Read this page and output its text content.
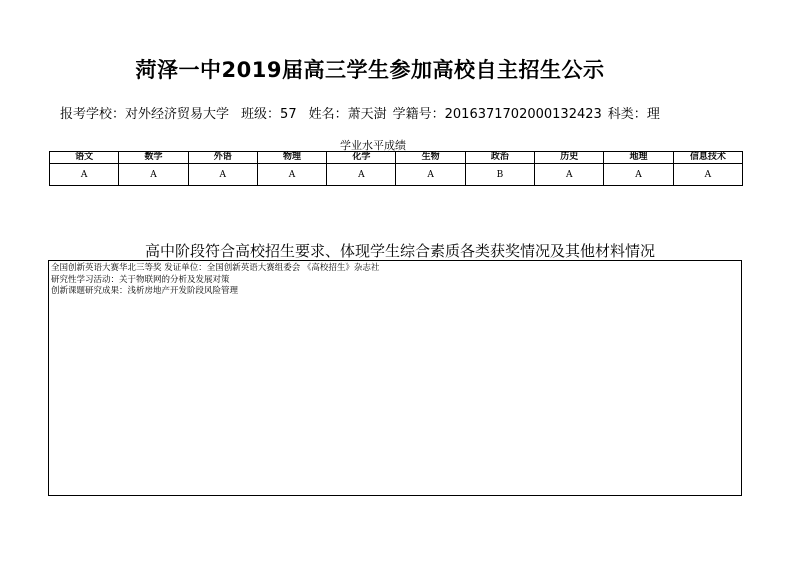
菏泽一中2019届高三学生参加高校自主招生公示
报考学校：对外经济贸易大学 班级：57 姓名：萧天澍 学籍号：2016371702000132423 科类：理
学业水平成绩
语文	数学	外语	物理	化学	生物	政治	历史	地理	信息技术
A	A	A	A	A	A	B	A	A	A
高中阶段符合高校招生要求、体现学生综合素质各类获奖情况及其他材料情况
全国创新英语大赛华北三等奖 发证单位：全国创新英语大赛组委会 《高校招生》杂志社
研究性学习活动：关于物联网的分析及发展对策
创新课题研究成果：浅析房地产开发阶段风险管理
